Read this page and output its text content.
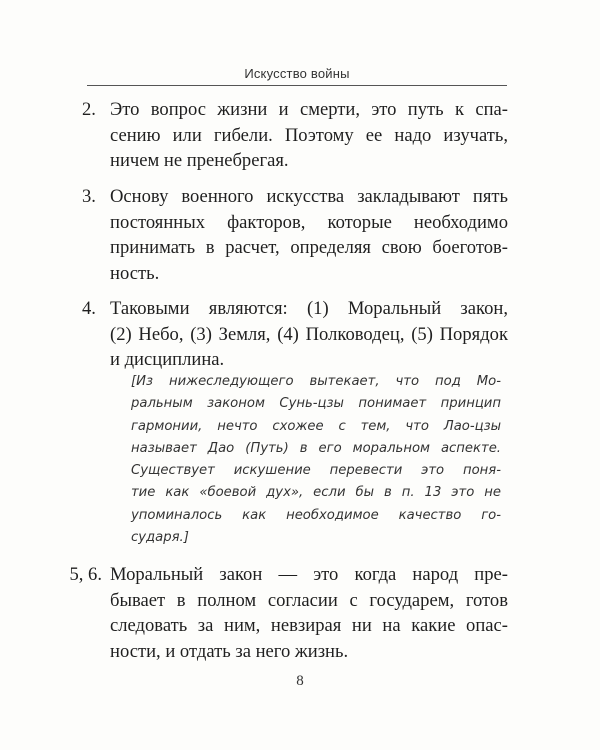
Искусство войны
2. Это вопрос жизни и смерти, это путь к спа-
сению или гибели. Поэтому ее надо изучать,
ничем не пренебрегая.
3. Основу военного искусства закладывают пять
постоянных факторов, которые необходимо
принимать в расчет, определяя свою боеготов-
ность.
4. Таковыми являются: (1) Моральный закон,
(2) Небо, (3) Земля, (4) Полководец, (5) Порядок
и дисциплина.
[Из нижеследующего вытекает, что под Мо-
ральным законом Сунь-цзы понимает принцип
гармонии, нечто схожее с тем, что Лао-цзы
называет Дао (Путь) в его моральном аспекте.
Существует искушение перевести это поня-
тие как «боевой дух», если бы в п. 13 это не
упоминалось как необходимое качество го-
сударя.]
5, 6. Моральный закон — это когда народ пре-
бывает в полном согласии с государем, готов
следовать за ним, невзирая ни на какие опас-
ности, и отдать за него жизнь.
8
